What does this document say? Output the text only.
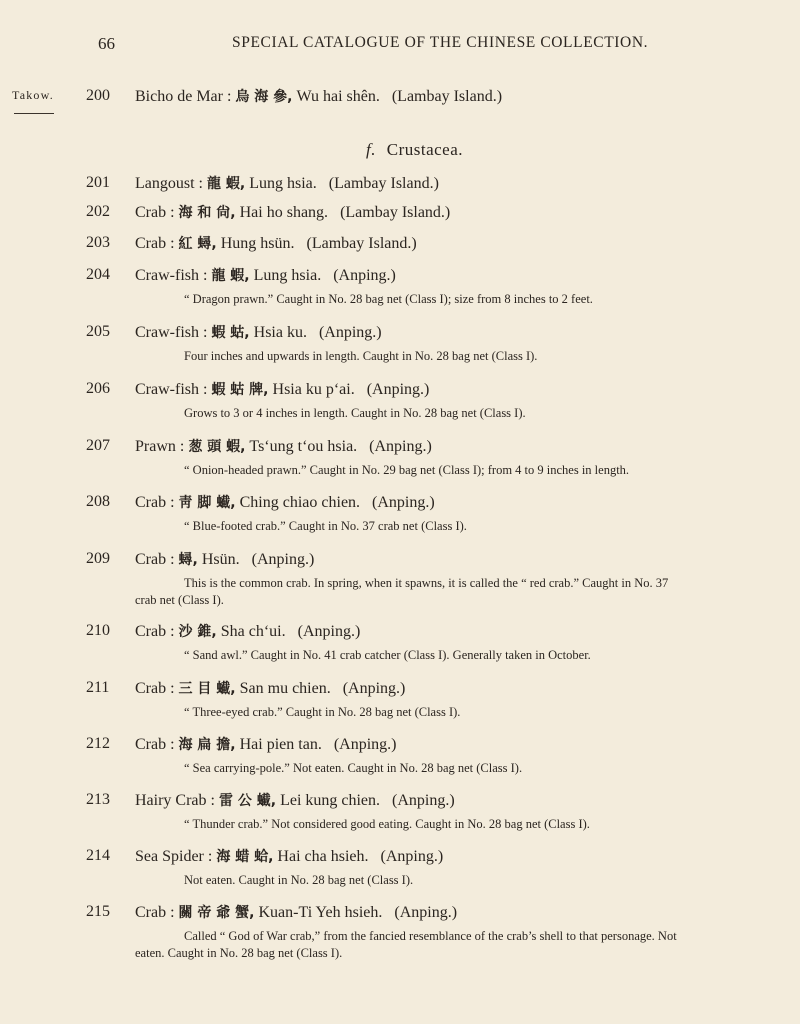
66	SPECIAL CATALOGUE OF THE CHINESE COLLECTION.
Takow. 200	Bicho de Mar : 烏 海 參, Wu hai shên. (Lambay Island.)
f. Crustacea.
201	Langoust : 龍 蝦, Lung hsia. (Lambay Island.)
202	Crab : 海 和 尙, Hai ho shang. (Lambay Island.)
203	Crab : 紅 蟳, Hung hsün. (Lambay Island.)
204	Craw-fish : 龍 蝦, Lung hsia. (Anping.)
“ Dragon prawn.” Caught in No. 28 bag net (Class I); size from 8 inches to 2 feet.
205	Craw-fish : 蝦 蛄, Hsia ku. (Anping.)
Four inches and upwards in length. Caught in No. 28 bag net (Class I).
206	Craw-fish : 蝦 蛄 牌, Hsia ku p‘ai. (Anping.)
Grows to 3 or 4 inches in length. Caught in No. 28 bag net (Class I).
207	Prawn : 葱 頭 蝦, Ts‘ung t‘ou hsia. (Anping.)
“ Onion-headed prawn.” Caught in No. 29 bag net (Class I); from 4 to 9 inches in length.
208	Crab : 靑 脚 蠘, Ching chiao chien. (Anping.)
“ Blue-footed crab.” Caught in No. 37 crab net (Class I).
209	Crab : 蟳, Hsün. (Anping.)
This is the common crab. In spring, when it spawns, it is called the “ red crab.” Caught in No. 37
crab net (Class I).
210	Crab : 沙 錐, Sha ch‘ui. (Anping.)
“ Sand awl.” Caught in No. 41 crab catcher (Class I). Generally taken in October.
211	Crab : 三 目 蠘, San mu chien. (Anping.)
“ Three-eyed crab.” Caught in No. 28 bag net (Class I).
212	Crab : 海 扁 擔, Hai pien tan. (Anping.)
“ Sea carrying-pole.” Not eaten. Caught in No. 28 bag net (Class I).
213	Hairy Crab : 雷 公 蠘, Lei kung chien. (Anping.)
“ Thunder crab.” Not considered good eating. Caught in No. 28 bag net (Class I).
214	Sea Spider : 海 蜡 蛤, Hai cha hsieh. (Anping.)
Not eaten. Caught in No. 28 bag net (Class I).
215	Crab : 關 帝 爺 蟹, Kuan-Ti Yeh hsieh. (Anping.)
Called “ God of War crab,” from the fancied resemblance of the crab’s shell to that personage. Not
eaten. Caught in No. 28 bag net (Class I).
